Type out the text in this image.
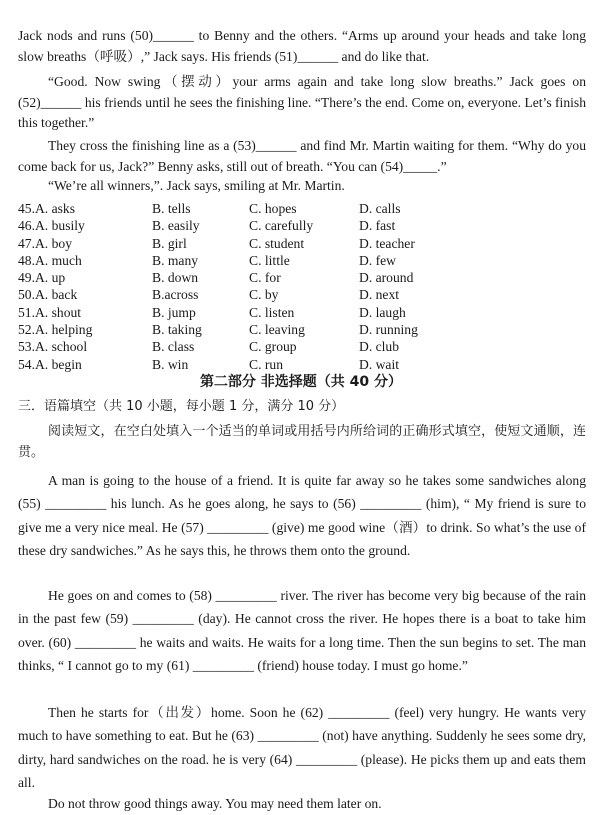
Jack nods and runs (50)______ to Benny and the others. “Arms up around your heads and take long slow breaths（呼吸）,” Jack says. His friends (51)______ and do like that.

“Good. Now swing（摆动）your arms again and take long slow breaths.” Jack goes on (52)______ his friends until he sees the finishing line. “There’s the end. Come on, everyone. Let’s finish this together.”

They cross the finishing line as a (53)______ and find Mr. Martin waiting for them. “Why do you come back for us, Jack?” Benny asks, still out of breath. “You can (54)_____.”

“We’re all winners,”. Jack says, smiling at Mr. Martin.

45.A. asks	B. tells	C. hopes	D. calls
46.A. busily	B. easily	C. carefully	D. fast
47.A. boy	B. girl	C. student	D. teacher
48.A. much	B. many	C. little	D. few
49.A. up	B. down	C. for	D. around
50.A. back	B.across	C. by	D. next
51.A. shout	B. jump	C. listen	D. laugh
52.A. helping	B. taking	C. leaving	D. running
53.A. school	B. class	C. group	D. club
54.A. begin	B. win	C. run	D. wait
第二部分 非选择题（共 40 分）

三．语篇填空（共 10 小题，每小题 1 分，满分 10 分）

阅读短文，在空白处填入一个适当的单词或用括号内所给词的正确形式填空，使短文通顺，连贯。

A man is going to the house of a friend. It is quite far away so he takes some sandwiches along (55) _________ his lunch. As he goes along, he says to (56) _________ (him), “ My friend is sure to give me a very nice meal. He (57) _________ (give) me good wine（酒）to drink. So what’s the use of these dry sandwiches.” As he says this, he throws them onto the ground.

He goes on and comes to (58) _________ river. The river has become very big because of the rain in the past few (59) _________ (day). He cannot cross the river. He hopes there is a boat to take him over. (60) _________ he waits and waits. He waits for a long time. Then the sun begins to set. The man thinks, “ I cannot go to my (61) _________ (friend) house today. I must go home.”

Then he starts for（出发）home. Soon he (62) _________ (feel) very hungry. He wants very much to have something to eat. But he (63) _________ (not) have anything. Suddenly he sees some dry, dirty, hard sandwiches on the road. he is very (64) _________ (please). He picks them up and eats them all.

Do not throw good things away. You may need them later on.
